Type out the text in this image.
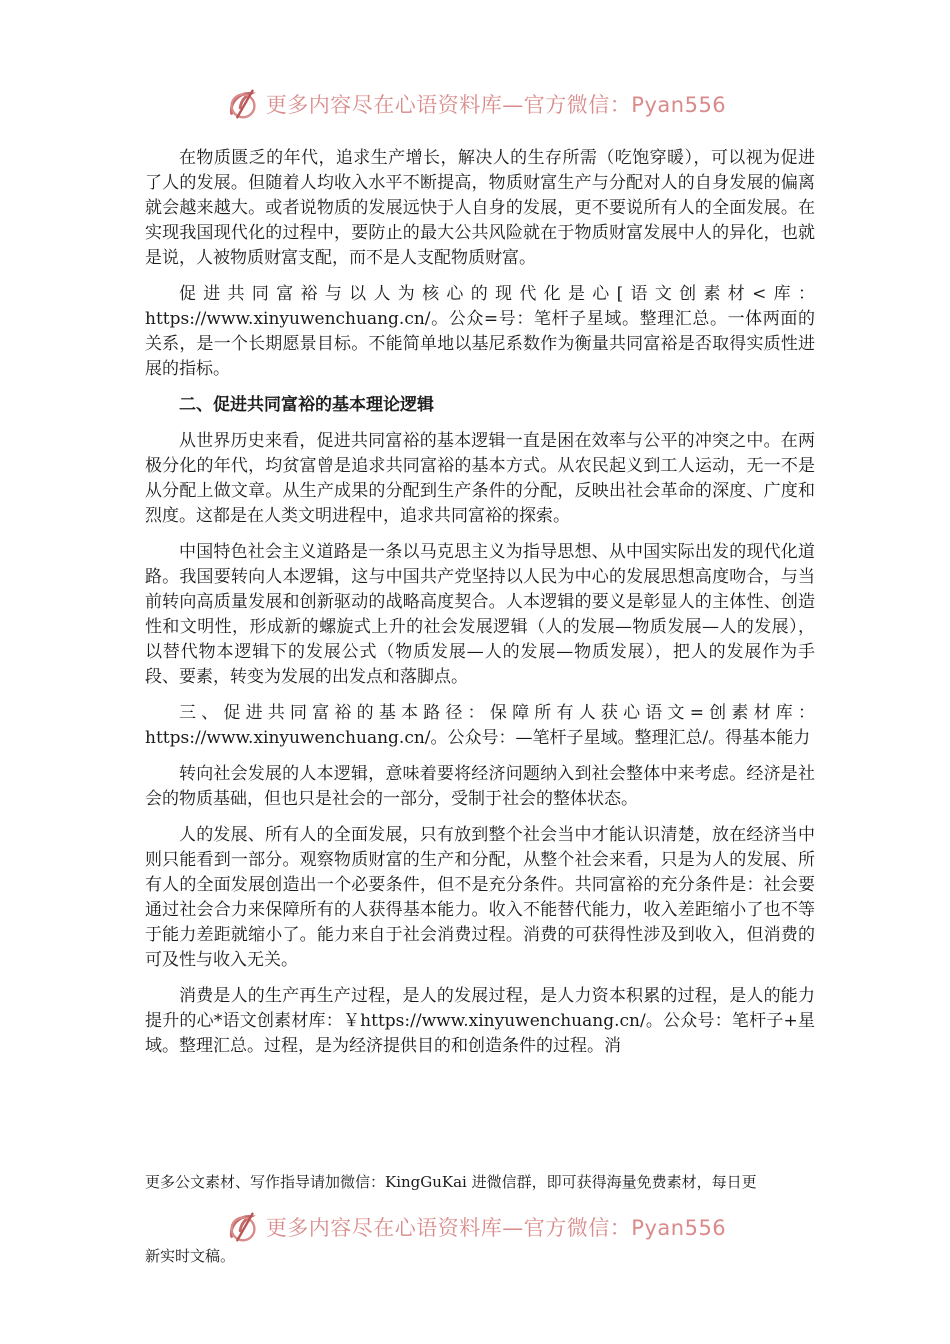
更多内容尽在心语资料库—官方微信：Pyan556

在物质匮乏的年代，追求生产增长，解决人的生存所需（吃饱穿暖），可以视为促进了人的发展。但随着人均收入水平不断提高，物质财富生产与分配对人的自身发展的偏离就会越来越大。或者说物质的发展远快于人自身的发展，更不要说所有人的全面发展。在实现我国现代化的过程中，要防止的最大公共风险就在于物质财富发展中人的异化，也就是说，人被物质财富支配，而不是人支配物质财富。

促进共同富裕与以人为核心的现代化是心[语文创素材<库：https://www.xinyuwenchuang.cn/。公众=号：笔杆子星域。整理汇总。一体两面的关系，是一个长期愿景目标。不能简单地以基尼系数作为衡量共同富裕是否取得实质性进展的指标。

二、促进共同富裕的基本理论逻辑

从世界历史来看，促进共同富裕的基本逻辑一直是困在效率与公平的冲突之中。在两极分化的年代，均贫富曾是追求共同富裕的基本方式。从农民起义到工人运动，无一不是从分配上做文章。从生产成果的分配到生产条件的分配，反映出社会革命的深度、广度和烈度。这都是在人类文明进程中，追求共同富裕的探索。

中国特色社会主义道路是一条以马克思主义为指导思想、从中国实际出发的现代化道路。我国要转向人本逻辑，这与中国共产党坚持以人民为中心的发展思想高度吻合，与当前转向高质量发展和创新驱动的战略高度契合。人本逻辑的要义是彰显人的主体性、创造性和文明性，形成新的螺旋式上升的社会发展逻辑（人的发展—物质发展—人的发展），以替代物本逻辑下的发展公式（物质发展—人的发展—物质发展），把人的发展作为手段、要素，转变为发展的出发点和落脚点。

三、促进共同富裕的基本路径：保障所有人获心语文=创素材库：https://www.xinyuwenchuang.cn/。公众号：—笔杆子星域。整理汇总/。得基本能力

转向社会发展的人本逻辑，意味着要将经济问题纳入到社会整体中来考虑。经济是社会的物质基础，但也只是社会的一部分，受制于社会的整体状态。

人的发展、所有人的全面发展，只有放到整个社会当中才能认识清楚，放在经济当中则只能看到一部分。观察物质财富的生产和分配，从整个社会来看，只是为人的发展、所有人的全面发展创造出一个必要条件，但不是充分条件。共同富裕的充分条件是：社会要通过社会合力来保障所有的人获得基本能力。收入不能替代能力，收入差距缩小了也不等于能力差距就缩小了。能力来自于社会消费过程。消费的可获得性涉及到收入，但消费的可及性与收入无关。

消费是人的生产再生产过程，是人的发展过程，是人力资本积累的过程，是人的能力提升的心*语文创素材库：￥https://www.xinyuwenchuang.cn/。公众号：笔杆子+星域。整理汇总。过程，是为经济提供目的和创造条件的过程。消

更多公文素材、写作指导请加微信：KingGuKai 进微信群，即可获得海量免费素材，每日更
更多内容尽在心语资料库—官方微信：Pyan556
新实时文稿。
